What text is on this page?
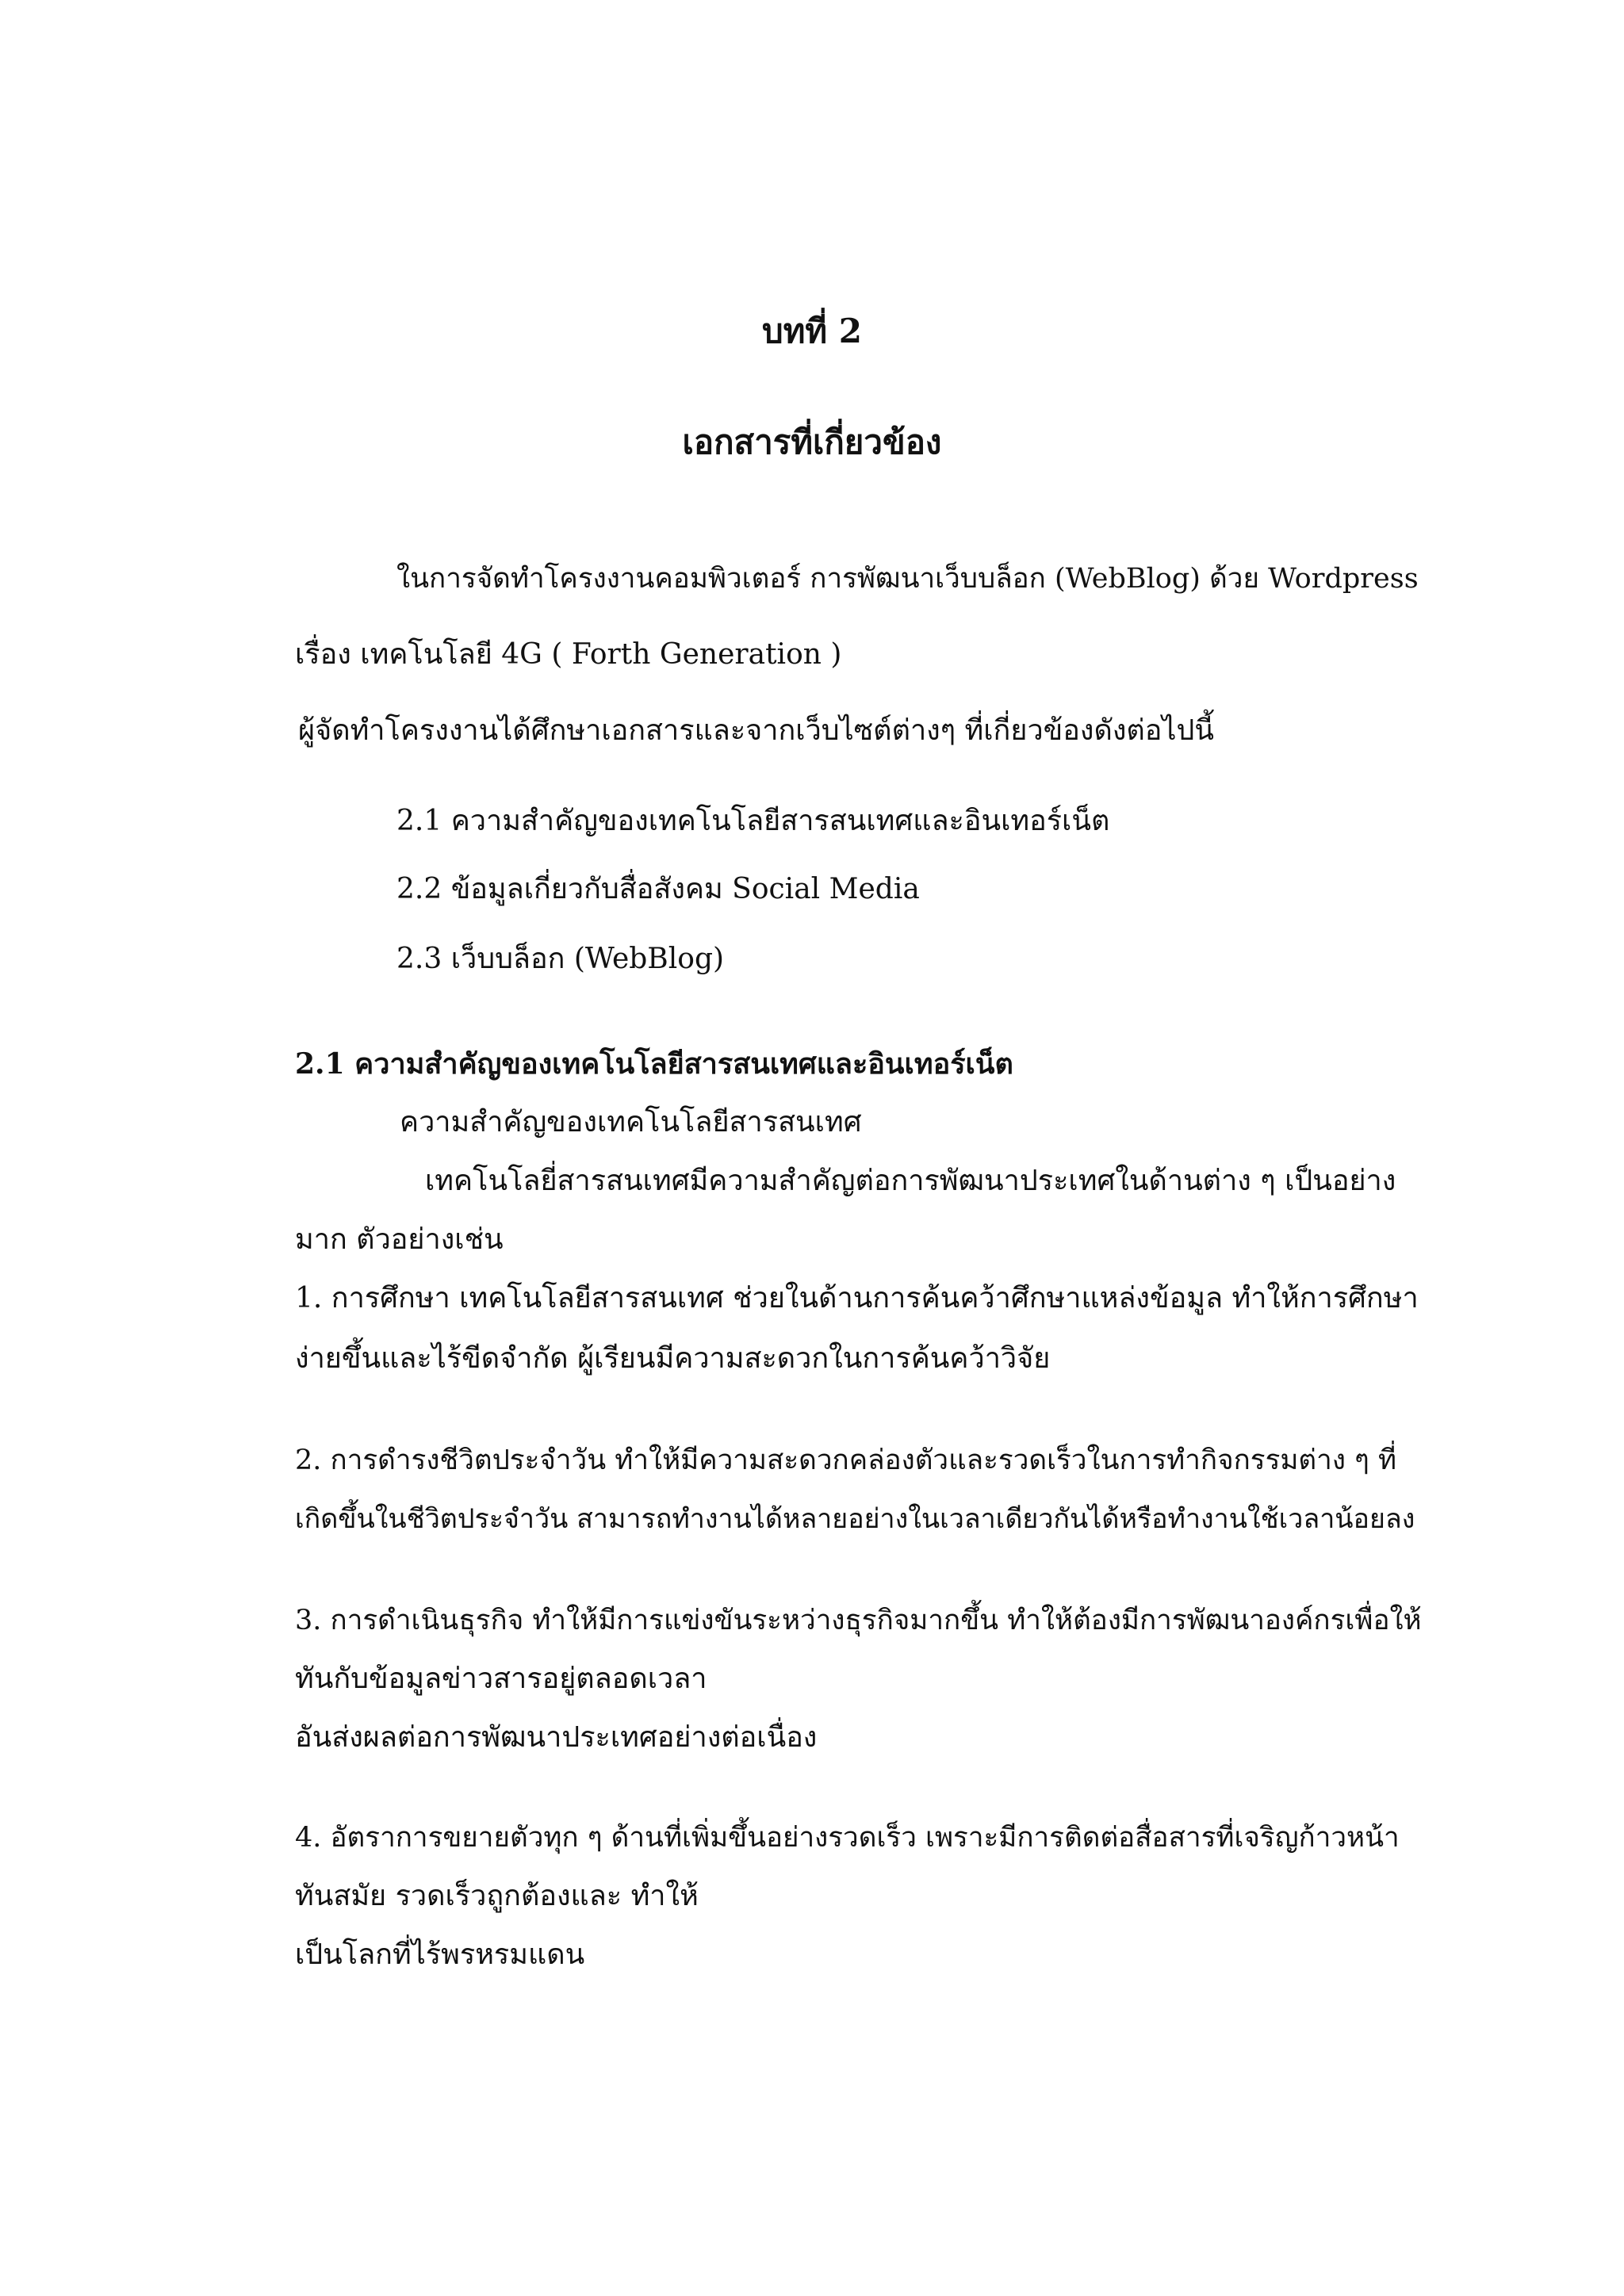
บทที่ 2
เอกสารที่เกี่ยวข้อง
ในการจัดทำโครงงานคอมพิวเตอร์ การพัฒนาเว็บบล็อก (WebBlog) ด้วย Wordpress
เรื่อง เทคโนโลยี 4G ( Forth Generation )
ผู้จัดทำโครงงานได้ศึกษาเอกสารและจากเว็บไซต์ต่างๆ ที่เกี่ยวข้องดังต่อไปนี้
2.1 ความสำคัญของเทคโนโลยีสารสนเทศและอินเทอร์เน็ต
2.2 ข้อมูลเกี่ยวกับสื่อสังคม Social Media
2.3 เว็บบล็อก (WebBlog)
2.1 ความสำคัญของเทคโนโลยีสารสนเทศและอินเทอร์เน็ต
ความสำคัญของเทคโนโลยีสารสนเทศ
เทคโนโลยี่สารสนเทศมีความสำคัญต่อการพัฒนาประเทศในด้านต่าง ๆ เป็นอย่าง
มาก ตัวอย่างเช่น
1. การศึกษา เทคโนโลยีสารสนเทศ ช่วยในด้านการค้นคว้าศึกษาแหล่งข้อมูล ทำให้การศึกษา
ง่ายขึ้นและไร้ขีดจำกัด ผู้เรียนมีความสะดวกในการค้นคว้าวิจัย
2. การดำรงชีวิตประจำวัน ทำให้มีความสะดวกคล่องตัวและรวดเร็วในการทำกิจกรรมต่าง ๆ ที่
เกิดขึ้นในชีวิตประจำวัน สามารถทำงานได้หลายอย่างในเวลาเดียวกันได้หรือทำงานใช้เวลาน้อยลง
3. การดำเนินธุรกิจ ทำให้มีการแข่งขันระหว่างธุรกิจมากขึ้น ทำให้ต้องมีการพัฒนาองค์กรเพื่อให้
ทันกับข้อมูลข่าวสารอยู่ตลอดเวลา
อันส่งผลต่อการพัฒนาประเทศอย่างต่อเนื่อง
4. อัตราการขยายตัวทุก ๆ ด้านที่เพิ่มขึ้นอย่างรวดเร็ว เพราะมีการติดต่อสื่อสารที่เจริญก้าวหน้า
ทันสมัย รวดเร็วถูกต้องและ ทำให้
เป็นโลกที่ไร้พรหรมแดน
